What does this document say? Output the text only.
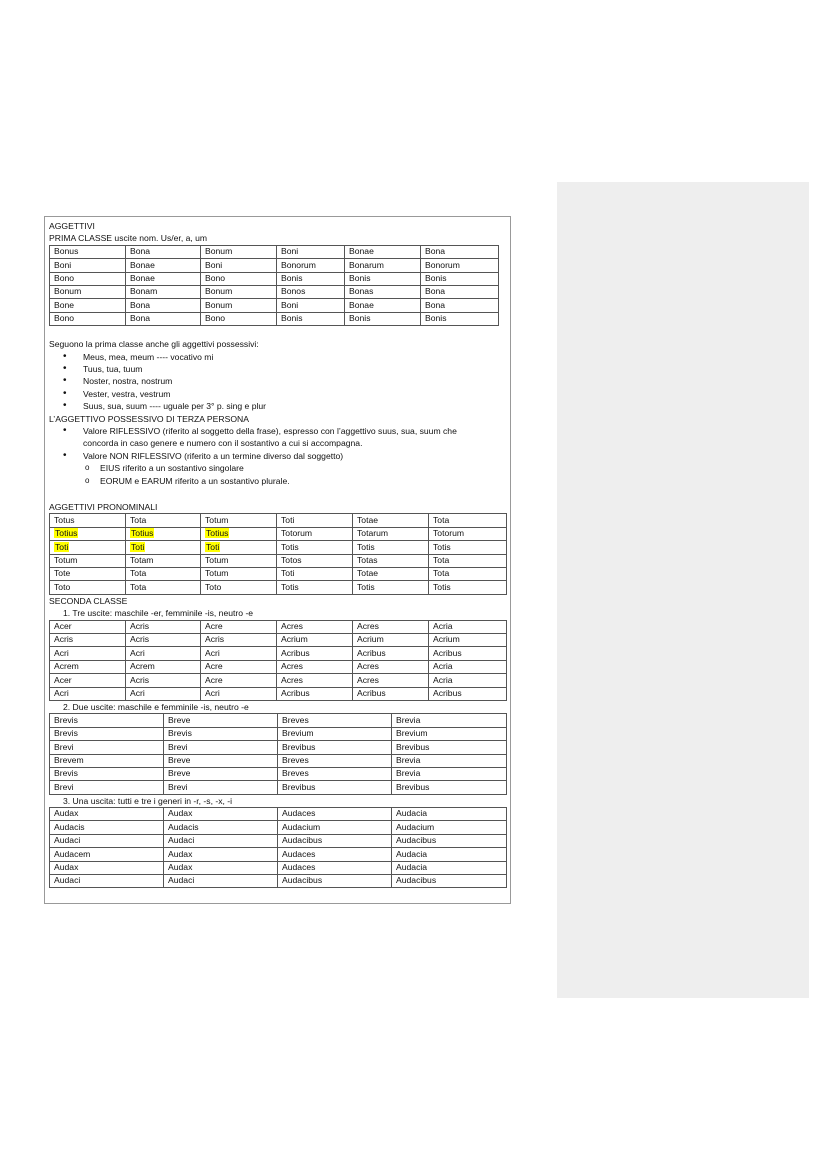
AGGETTIVI
PRIMA CLASSE uscite nom. Us/er, a, um
Bonus	Bona	Bonum	Boni	Bonae	Bona
Boni	Bonae	Boni	Bonorum	Bonarum	Bonorum
Bono	Bonae	Bono	Bonis	Bonis	Bonis
Bonum	Bonam	Bonum	Bonos	Bonas	Bona
Bone	Bona	Bonum	Boni	Bonae	Bona
Bono	Bona	Bono	Bonis	Bonis	Bonis
Seguono la prima classe anche gli aggettivi possessivi:
• Meus, mea, meum ---- vocativo mi
• Tuus, tua, tuum
• Noster, nostra, nostrum
• Vester, vestra, vestrum
• Suus, sua, suum ---- uguale per 3° p. sing e plur
L’AGGETTIVO POSSESSIVO DI TERZA PERSONA
• Valore RIFLESSIVO (riferito al soggetto della frase), espresso con l’aggettivo suus, sua, suum che
concorda in caso genere e numero con il sostantivo a cui si accompagna.
• Valore NON RIFLESSIVO (riferito a un termine diverso dal soggetto)
o EIUS riferito a un sostantivo singolare
o EORUM e EARUM riferito a un sostantivo plurale.
AGGETTIVI PRONOMINALI
Totus	Tota	Totum	Toti	Totae	Tota
Totius	Totius	Totius	Totorum	Totarum	Totorum
Toti	Toti	Toti	Totis	Totis	Totis
Totum	Totam	Totum	Totos	Totas	Tota
Tote	Tota	Totum	Toti	Totae	Tota
Toto	Tota	Toto	Totis	Totis	Totis
SECONDA CLASSE
1. Tre uscite: maschile -er, femminile -is, neutro -e
Acer	Acris	Acre	Acres	Acres	Acria
Acris	Acris	Acris	Acrium	Acrium	Acrium
Acri	Acri	Acri	Acribus	Acribus	Acribus
Acrem	Acrem	Acre	Acres	Acres	Acria
Acer	Acris	Acre	Acres	Acres	Acria
Acri	Acri	Acri	Acribus	Acribus	Acribus
2. Due uscite: maschile e femminile -is, neutro -e
Brevis	Breve	Breves	Brevia
Brevis	Brevis	Brevium	Brevium
Brevi	Brevi	Brevibus	Brevibus
Brevem	Breve	Breves	Brevia
Brevis	Breve	Breves	Brevia
Brevi	Brevi	Brevibus	Brevibus
3. Una uscita: tutti e tre i generi in -r, -s, -x, -i
Audax	Audax	Audaces	Audacia
Audacis	Audacis	Audacium	Audacium
Audaci	Audaci	Audacibus	Audacibus
Audacem	Audax	Audaces	Audacia
Audax	Audax	Audaces	Audacia
Audaci	Audaci	Audacibus	Audacibus
